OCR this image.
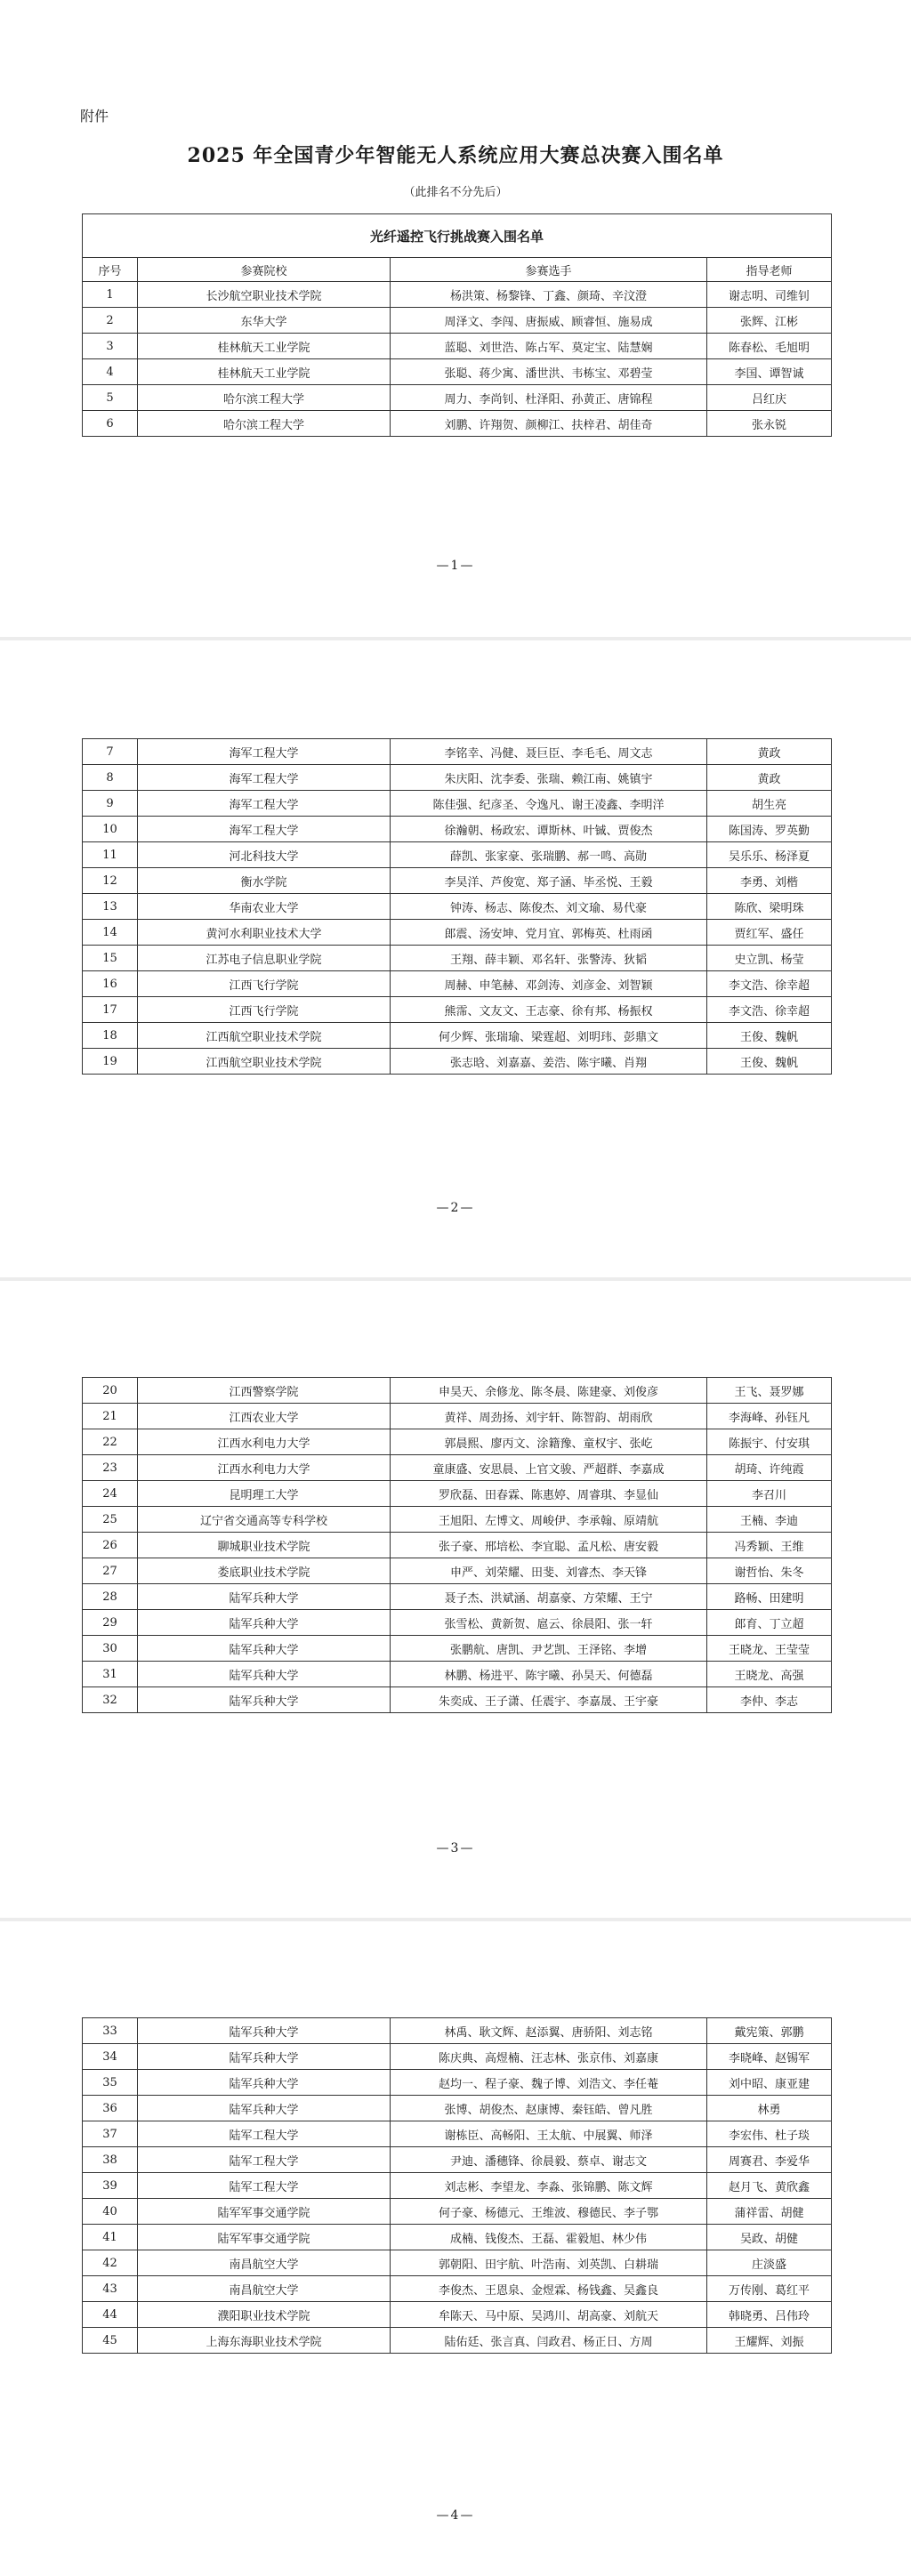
附件
2025 年全国青少年智能无人系统应用大赛总决赛入围名单
（此排名不分先后）
光纤遥控飞行挑战赛入围名单			
序号	参赛院校	参赛选手	指导老师
1	长沙航空职业技术学院	杨洪策、杨黎锋、丁鑫、颜琦、辛汶澄	谢志明、司维钊
2	东华大学	周泽文、李闯、唐振威、顾睿恒、施易成	张辉、江彬
3	桂林航天工业学院	蓝聪、刘世浩、陈占军、莫定宝、陆慧娴	陈春松、毛旭明
4	桂林航天工业学院	张聪、蒋少寓、潘世洪、韦栋宝、邓碧莹	李国、谭智诚
5	哈尔滨工程大学	周力、李尚钊、杜泽阳、孙黄正、唐锦程	吕红庆
6	哈尔滨工程大学	刘鹏、许翔贺、颜柳江、扶梓君、胡佳奇	张永锐
—1—
7	海军工程大学	李铭幸、冯健、聂巨臣、李毛毛、周文志	黄政
8	海军工程大学	朱庆阳、沈李委、张瑞、赖江南、姚镇宇	黄政
9	海军工程大学	陈佳强、纪彦圣、令逸凡、谢王凌鑫、李明洋	胡生亮
10	海军工程大学	徐瀚朝、杨政宏、谭斯林、叶铖、贾俊杰	陈国涛、罗英勤
11	河北科技大学	薛凯、张家豪、张瑞鹏、郝一鸣、高勋	吴乐乐、杨泽夏
12	衡水学院	李昊洋、芦俊宽、郑子涵、毕丞悦、王毅	李勇、刘楷
13	华南农业大学	钟涛、杨志、陈俊杰、刘文瑜、易代豪	陈欣、梁明珠
14	黄河水利职业技术大学	郎震、汤安坤、党月宜、郭梅英、杜雨函	贾红军、盛任
15	江苏电子信息职业学院	王翔、薛丰颖、邓名轩、张警涛、狄韬	史立凯、杨莹
16	江西飞行学院	周赫、申笔赫、邓剑涛、刘彦金、刘智颖	李文浩、徐幸超
17	江西飞行学院	熊霈、文友文、王志豪、徐有邦、杨振权	李文浩、徐幸超
18	江西航空职业技术学院	何少辉、张瑞瑜、梁霆超、刘明玮、彭鼎文	王俊、魏帆
19	江西航空职业技术学院	张志晗、刘嘉嘉、姜浩、陈宇曦、肖翔	王俊、魏帆
—2—
20	江西警察学院	申昊天、余修龙、陈冬晨、陈建豪、刘俊彦	王飞、聂罗娜
21	江西农业大学	黄祥、周劲扬、刘宇轩、陈智韵、胡雨欣	李海峰、孙钰凡
22	江西水利电力大学	郭晨熙、廖丙文、涂籍豫、童权宇、张屹	陈振宇、付安琪
23	江西水利电力大学	童康盛、安思晨、上官文骏、严超群、李嘉成	胡琦、许纯霞
24	昆明理工大学	罗欣磊、田春霖、陈惠婷、周睿琪、李显仙	李召川
25	辽宁省交通高等专科学校	王旭阳、左博文、周峻伊、李承翰、原靖航	王楠、李迪
26	聊城职业技术学院	张子豪、邢培松、李宜聪、孟凡松、唐安毅	冯秀颖、王维
27	娄底职业技术学院	申严、刘荣耀、田斐、刘睿杰、李天锋	谢哲怡、朱冬
28	陆军兵种大学	聂子杰、洪斌涵、胡嘉豪、方荣耀、王宁	路畅、田建明
29	陆军兵种大学	张雪松、黄新贺、扈云、徐晨阳、张一轩	郎育、丁立超
30	陆军兵种大学	张鹏航、唐凯、尹艺凯、王泽铭、李增	王晓龙、王莹莹
31	陆军兵种大学	林鹏、杨进平、陈宇曦、孙昊天、何德磊	王晓龙、高强
32	陆军兵种大学	朱奕成、王子潇、任震宇、李嘉晟、王宇豪	李仲、李志
—3—
33	陆军兵种大学	林禹、耿文辉、赵添翼、唐骄阳、刘志铭	戴宪策、郭鹏
34	陆军兵种大学	陈庆典、高煜楠、汪志林、张京伟、刘嘉康	李晓峰、赵锡军
35	陆军兵种大学	赵均一、程子豪、魏子博、刘浩文、李任菴	刘中昭、康亚建
36	陆军兵种大学	张博、胡俊杰、赵康博、秦钰皓、曾凡胜	林勇
37	陆军工程大学	谢栋臣、高畅阳、王太航、中展翼、师泽	李宏伟、杜子琰
38	陆军工程大学	尹迪、潘穗锋、徐晨毅、蔡卓、谢志文	周赛君、李爱华
39	陆军工程大学	刘志彬、李望龙、李淼、张锦鹏、陈文辉	赵月飞、黄欣鑫
40	陆军军事交通学院	何子豪、杨德元、王维波、穆德民、李子鄂	蒲祥雷、胡健
41	陆军军事交通学院	成楠、钱俊杰、王磊、霍毅旭、林少伟	吴政、胡健
42	南昌航空大学	郭朝阳、田宇航、叶浩南、刘英凯、白耕瑞	庄淡盛
43	南昌航空大学	李俊杰、王恩泉、金煜霖、杨钱鑫、吴鑫良	万传刚、葛红平
44	濮阳职业技术学院	牟陈天、马中原、吴鸿川、胡高豪、刘航天	韩晓勇、吕伟玲
45	上海东海职业技术学院	陆佑廷、张言真、闫政君、杨正日、方周	王耀辉、刘振
—4—
